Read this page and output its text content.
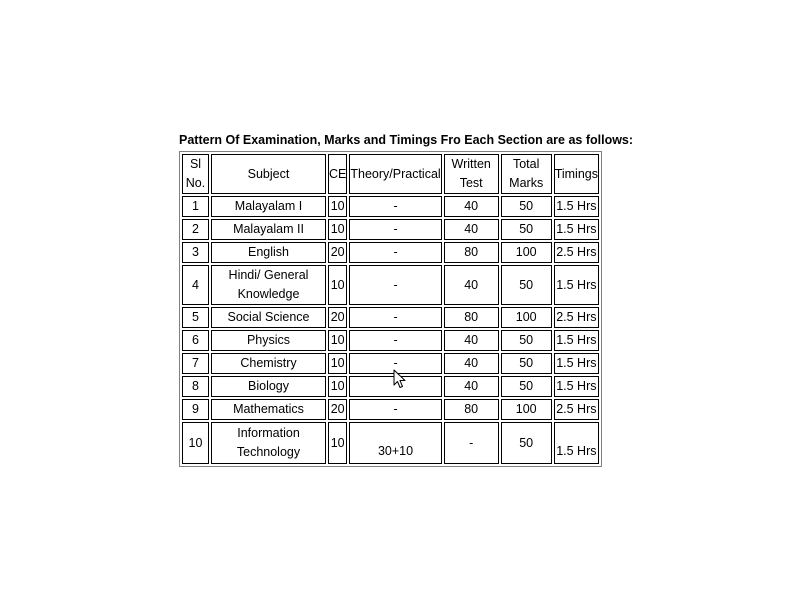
Pattern Of Examination, Marks and Timings Fro Each Section are as follows:
Sl No.	Subject	CE	Theory/Practical	Written Test	Total Marks	Timings
1	Malayalam I	10	-	40	50	1.5 Hrs
2	Malayalam II	10	-	40	50	1.5 Hrs
3	English	20	-	80	100	2.5 Hrs
4	Hindi/ General Knowledge	10	-	40	50	1.5 Hrs
5	Social Science	20	-	80	100	2.5 Hrs
6	Physics	10	-	40	50	1.5 Hrs
7	Chemistry	10	-	40	50	1.5 Hrs
8	Biology	10		40	50	1.5 Hrs
9	Mathematics	20	-	80	100	2.5 Hrs
10	Information Technology	10	30+10	-	50	1.5 Hrs
